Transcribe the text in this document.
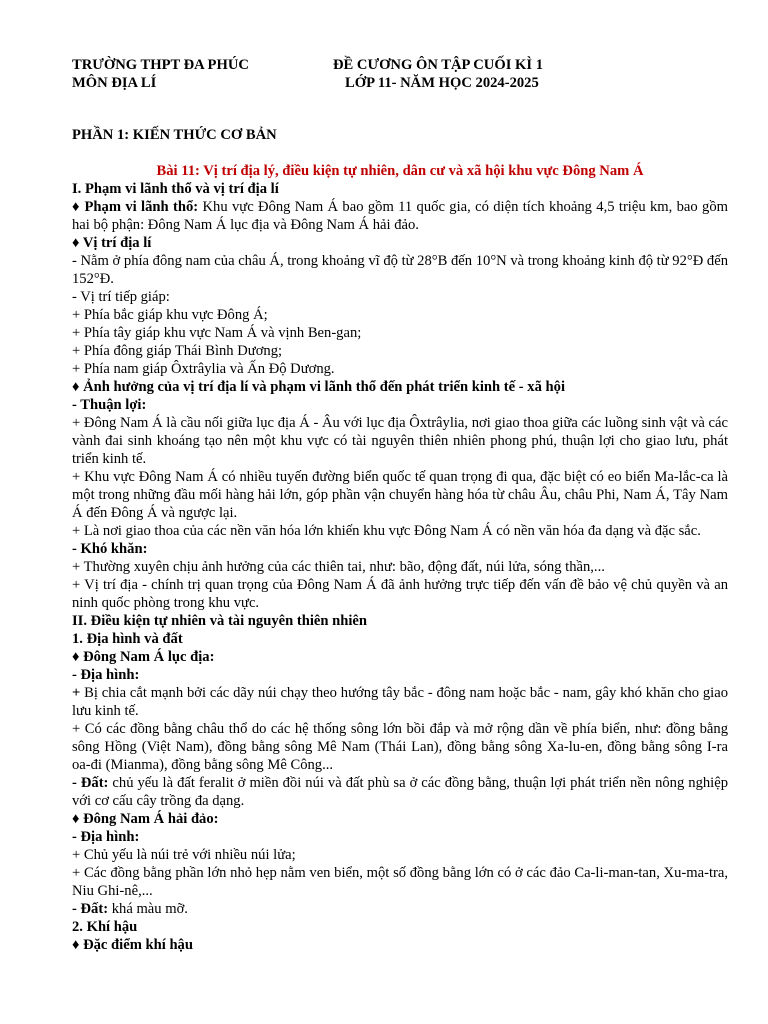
TRƯỜNG THPT ĐA PHÚC
MÔN ĐỊA LÍ
ĐỀ CƯƠNG ÔN TẬP CUỐI KÌ 1
LỚP 11- NĂM HỌC 2024-2025
PHẦN 1: KIẾN THỨC CƠ BẢN

Bài 11: Vị trí địa lý, điều kiện tự nhiên, dân cư và xã hội khu vực Đông Nam Á

I. Phạm vi lãnh thổ và vị trí địa lí

♦ Phạm vi lãnh thổ: Khu vực Đông Nam Á bao gồm 11 quốc gia, có diện tích khoảng 4,5 triệu km, bao gồm hai bộ phận: Đông Nam Á lục địa và Đông Nam Á hải đảo.

♦ Vị trí địa lí

- Nằm ở phía đông nam của châu Á, trong khoảng vĩ độ từ 28°B đến 10°N và trong khoảng kinh độ từ 92°Đ đến 152°Đ.

- Vị trí tiếp giáp:

+ Phía bắc giáp khu vực Đông Á;

+ Phía tây giáp khu vực Nam Á và vịnh Ben-gan;

+ Phía đông giáp Thái Bình Dương;

+ Phía nam giáp Ôxtrâylia và Ấn Độ Dương.

♦ Ảnh hưởng của vị trí địa lí và phạm vi lãnh thổ đến phát triển kinh tế - xã hội

- Thuận lợi:

+ Đông Nam Á là cầu nối giữa lục địa Á - Âu với lục địa Ôxtrâylia, nơi giao thoa giữa các luồng sinh vật và các vành đai sinh khoáng tạo nên một khu vực có tài nguyên thiên nhiên phong phú, thuận lợi cho giao lưu, phát triển kinh tế.

+ Khu vực Đông Nam Á có nhiều tuyến đường biển quốc tế quan trọng đi qua, đặc biệt có eo biển Ma-lắc-ca là một trong những đầu mối hàng hải lớn, góp phần vận chuyển hàng hóa từ châu Âu, châu Phi, Nam Á, Tây Nam Á đến Đông Á và ngược lại.

+ Là nơi giao thoa của các nền văn hóa lớn khiến khu vực Đông Nam Á có nền văn hóa đa dạng và đặc sắc.

- Khó khăn:

+ Thường xuyên chịu ảnh hưởng của các thiên tai, như: bão, động đất, núi lửa, sóng thần,...

+ Vị trí địa - chính trị quan trọng của Đông Nam Á đã ảnh hưởng trực tiếp đến vấn đề bảo vệ chủ quyền và an ninh quốc phòng trong khu vực.

II. Điều kiện tự nhiên và tài nguyên thiên nhiên

1. Địa hình và đất

♦ Đông Nam Á lục địa:

- Địa hình:

+ Bị chia cắt mạnh bởi các dãy núi chạy theo hướng tây bắc - đông nam hoặc bắc - nam, gây khó khăn cho giao lưu kinh tế.

+ Có các đồng bằng châu thổ do các hệ thống sông lớn bồi đắp và mở rộng dần về phía biển, như: đồng bằng sông Hồng (Việt Nam), đồng bằng sông Mê Nam (Thái Lan), đồng bằng sông Xa-lu-en, đồng bằng sông I-ra oa-đi (Mianma), đồng bằng sông Mê Công...

- Đất: chủ yếu là đất feralit ở miền đồi núi và đất phù sa ở các đồng bằng, thuận lợi phát triển nền nông nghiệp với cơ cấu cây trồng đa dạng.

♦ Đông Nam Á hải đảo:

- Địa hình:

+ Chủ yếu là núi trẻ với nhiều núi lửa;

+ Các đồng bằng phần lớn nhỏ hẹp nằm ven biển, một số đồng bằng lớn có ở các đảo Ca-li-man-tan, Xu-ma-tra, Niu Ghi-nê,...

- Đất: khá màu mỡ.

2. Khí hậu

♦ Đặc điểm khí hậu
